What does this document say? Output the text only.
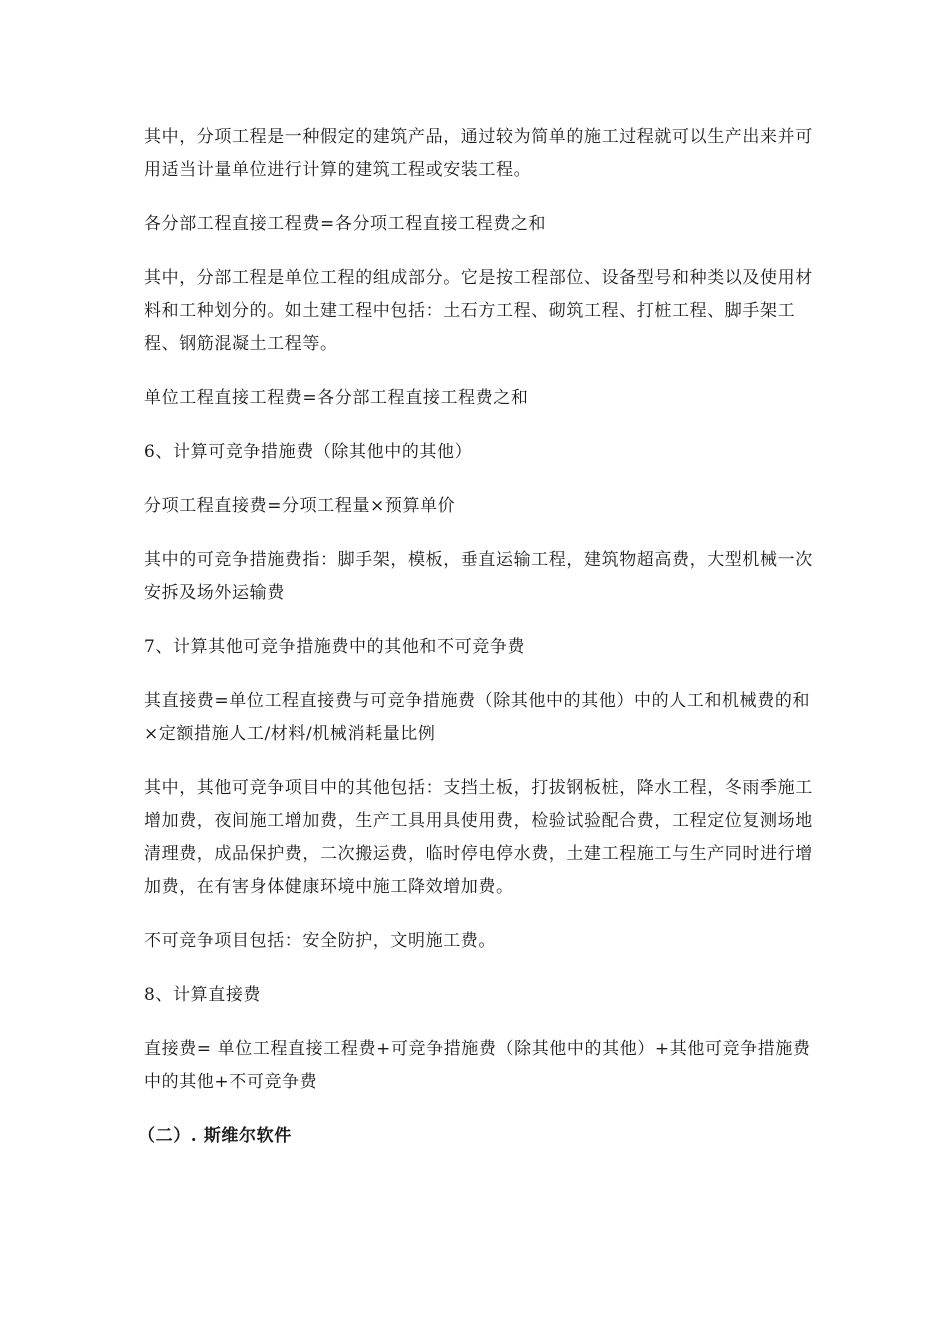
其中，分项工程是一种假定的建筑产品，通过较为简单的施工过程就可以生产出来并可用适当计量单位进行计算的建筑工程或安装工程。

各分部工程直接工程费=各分项工程直接工程费之和

其中，分部工程是单位工程的组成部分。它是按工程部位、设备型号和种类以及使用材料和工种划分的。如土建工程中包括：土石方工程、砌筑工程、打桩工程、脚手架工程、钢筋混凝土工程等。

单位工程直接工程费=各分部工程直接工程费之和

6、计算可竞争措施费（除其他中的其他）

分项工程直接费=分项工程量×预算单价

其中的可竞争措施费指：脚手架，模板，垂直运输工程，建筑物超高费，大型机械一次安拆及场外运输费

7、计算其他可竞争措施费中的其他和不可竞争费

其直接费=单位工程直接费与可竞争措施费（除其他中的其他）中的人工和机械费的和×定额措施人工/材料/机械消耗量比例

其中，其他可竞争项目中的其他包括：支挡土板，打拔钢板桩，降水工程，冬雨季施工增加费，夜间施工增加费，生产工具用具使用费，检验试验配合费，工程定位复测场地清理费，成品保护费，二次搬运费，临时停电停水费，土建工程施工与生产同时进行增加费，在有害身体健康环境中施工降效增加费。

不可竞争项目包括：安全防护，文明施工费。

8、计算直接费

直接费= 单位工程直接工程费+可竞争措施费（除其他中的其他）+其他可竞争措施费中的其他+不可竞争费

（二）. 斯维尔软件
